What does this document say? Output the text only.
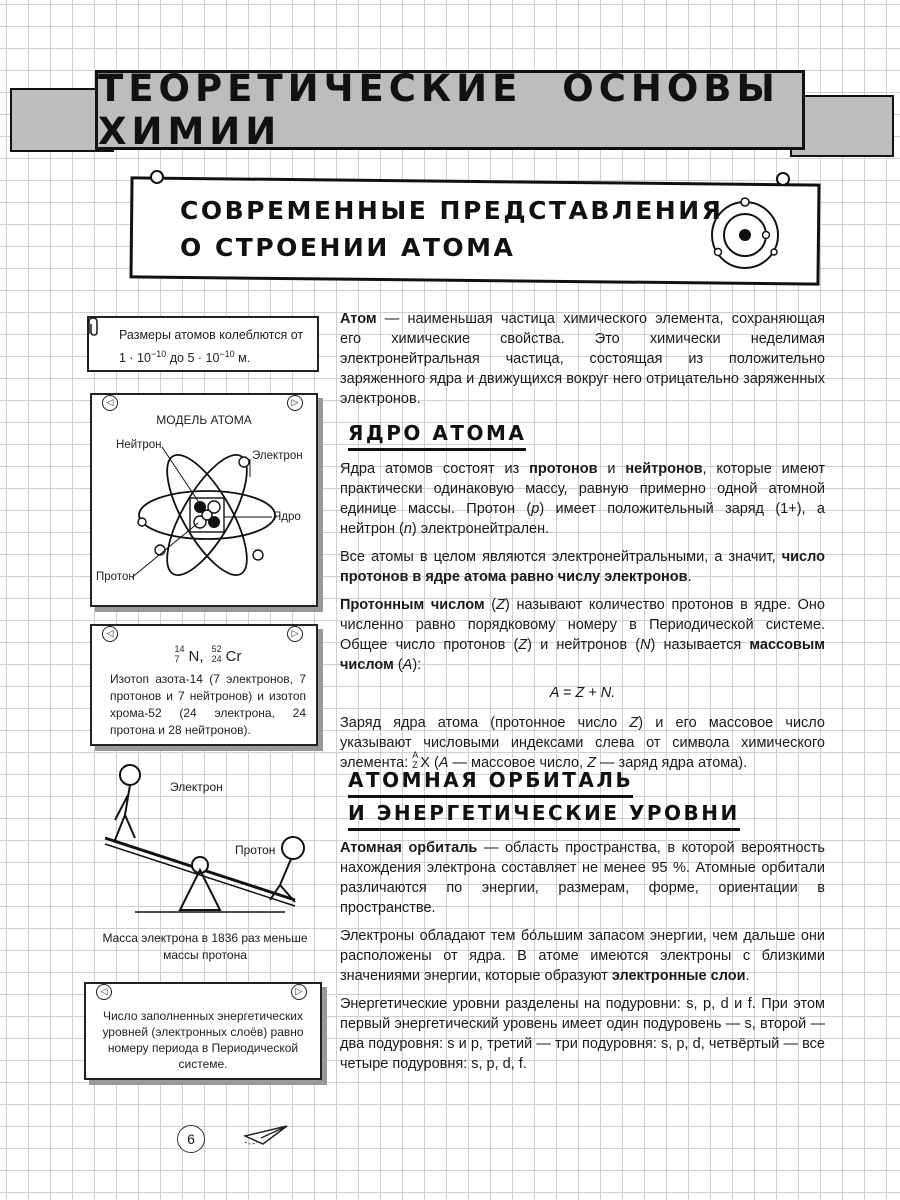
ТЕОРЕТИЧЕСКИЕ ОСНОВЫ ХИМИИ
СОВРЕМЕННЫЕ ПРЕДСТАВЛЕНИЯ
О СТРОЕНИИ АТОМА
Размеры атомов колеблются от
$1 \cdot 10^{-10}$ до $5 \cdot 10^{-10}$ м.
МОДЕЛЬ АТОМА
Нейтрон
Электрон
Ядро
Протон
◁	▷
14
7 N, 52
24 Cr
Изотоп азота-14 (7 электронов, 7 протонов и 7 нейтронов) и изотоп хрома-52 (24 электрона, 24 протона и 28 нейтронов).
◁	▷
Электрон
Протон
Масса электрона в 1836 раз меньше массы протона
Число заполненных энергетических уровней (электронных слоёв) равно номеру периода в Периодической системе.
◁	▷

Атом — наименьшая частица химического элемента, сохраняющая его химические свойства. Это химически неделимая электронейтральная частица, состоящая из положительно заряженного ядра и движущихся вокруг него отрицательно заряженных электронов.

ЯДРО АТОМА

Ядра атомов состоят из протонов и нейтронов, которые имеют практически одинаковую массу, равную примерно одной атомной единице массы. Протон (p) имеет положительный заряд (1+), а нейтрон (n) электронейтрален.

Все атомы в целом являются электронейтральными, а значит, число протонов в ядре атома равно числу электронов.

Протонным числом (Z) называют количество протонов в ядре. Оно численно равно порядковому номеру в Периодической системе. Общее число протонов (Z) и нейтронов (N) называется массовым числом (A):

A = Z + N.

Заряд ядра атома (протонное число Z) и его массовое число указывают числовыми индексами слева от символа химического элемента: A
Z X (A — массовое число, Z — заряд ядра атома).

АТОМНАЯ ОРБИТАЛЬ
И ЭНЕРГЕТИЧЕСКИЕ УРОВНИ

Атомная орбиталь — область пространства, в которой вероятность нахождения электрона составляет не менее 95 %. Атомные орбитали различаются по энергии, размерам, форме, ориентации в пространстве.

Электроны обладают тем бо́льшим запасом энергии, чем дальше они расположены от ядра. В атоме имеются электроны с близкими значениями энергии, которые образуют электронные слои.

Энергетические уровни разделены на подуровни: s, p, d и f. При этом первый энергетический уровень имеет один подуровень — s, второй — два подуровня: s и p, третий — три подуровня: s, p, d, четвёртый — все четыре подуровня: s, p, d, f.

6
